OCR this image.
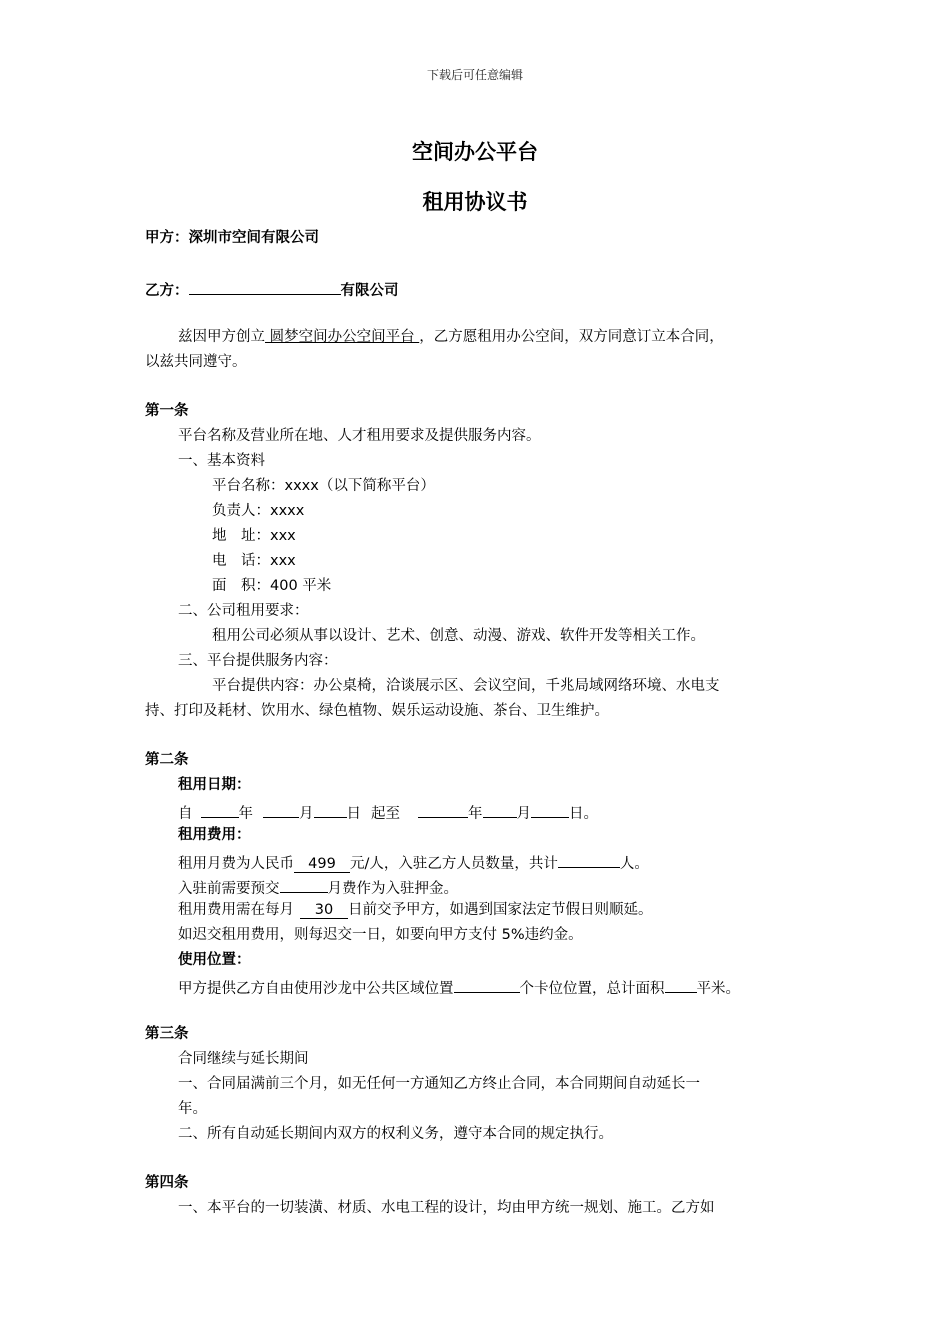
下载后可任意编辑
空间办公平台
租用协议书
甲方：深圳市空间有限公司
乙方：	有限公司
兹因甲方创立 圆梦空间办公空间平台 ，乙方愿租用办公空间，双方同意订立本合同，
以兹共同遵守。
第一条
平台名称及营业所在地、人才租用要求及提供服务内容。
一、基本资料
平台名称：xxxx（以下简称平台）
负责人：xxxx
地　址：xxx
电　话：xxx
面　积：400 平米
二、公司租用要求：
租用公司必须从事以设计、艺术、创意、动漫、游戏、软件开发等相关工作。
三、平台提供服务内容：
平台提供内容：办公桌椅，洽谈展示区、会议空间，千兆局域网络环境、水电支
持、打印及耗材、饮用水、绿色植物、娱乐运动设施、茶台、卫生维护。
第二条
租用日期：
自	年	月 日 起至	年 月	日。
租用费用：
租用月费为人民币 499 元/人，入驻乙方人员数量，共计	人。
入驻前需要预交	月费作为入驻押金。
租用费用需在每月 30 日前交予甲方，如遇到国家法定节假日则顺延。
如迟交租用费用，则每迟交一日，如要向甲方支付 5%违约金。
使用位置：
甲方提供乙方自由使用沙龙中公共区域位置	个卡位位置，总计面积 平米。
第三条
合同继续与延长期间
一、合同届满前三个月，如无任何一方通知乙方终止合同，本合同期间自动延长一
年。
二、所有自动延长期间内双方的权利义务，遵守本合同的规定执行。
第四条
一、本平台的一切装潢、材质、水电工程的设计，均由甲方统一规划、施工。乙方如
